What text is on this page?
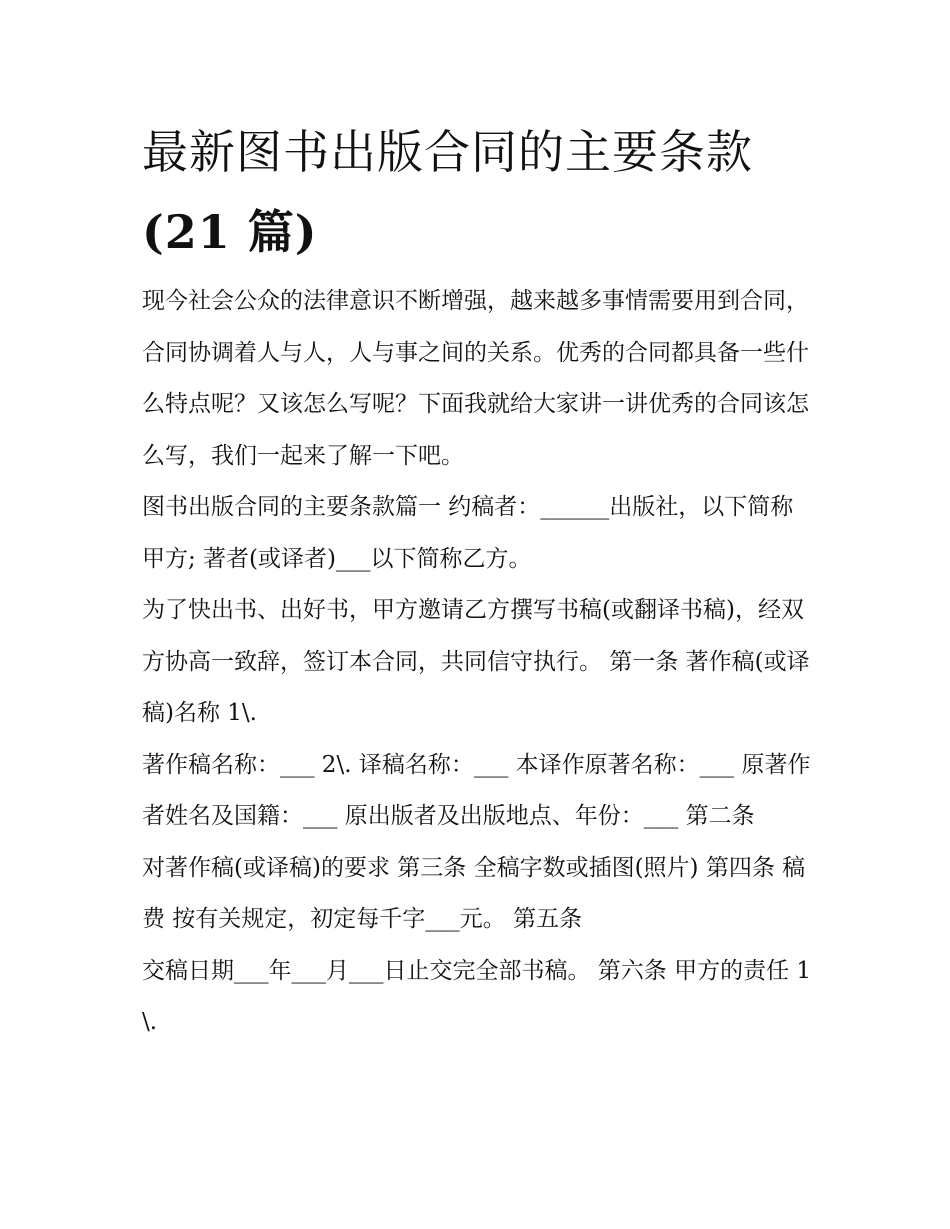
最新图书出版合同的主要条款
(21 篇)

现今社会公众的法律意识不断增强，越来越多事情需要用到合同，合同协调着人与人，人与事之间的关系。优秀的合同都具备一些什么特点呢？又该怎么写呢？下面我就给大家讲一讲优秀的合同该怎么写，我们一起来了解一下吧。

图书出版合同的主要条款篇一 约稿者：______出版社，以下简称甲方; 著者(或译者)___以下简称乙方。

为了快出书、出好书，甲方邀请乙方撰写书稿(或翻译书稿)，经双方协高一致辞，签订本合同，共同信守执行。 第一条 著作稿(或译稿)名称 1\.

著作稿名称：___ 2\. 译稿名称：___ 本译作原著名称：___ 原著作者姓名及国籍：___ 原出版者及出版地点、年份：___ 第二条

对著作稿(或译稿)的要求 第三条 全稿字数或插图(照片) 第四条 稿费 按有关规定，初定每千字___元。 第五条

交稿日期___年___月___日止交完全部书稿。 第六条 甲方的责任 1\.
